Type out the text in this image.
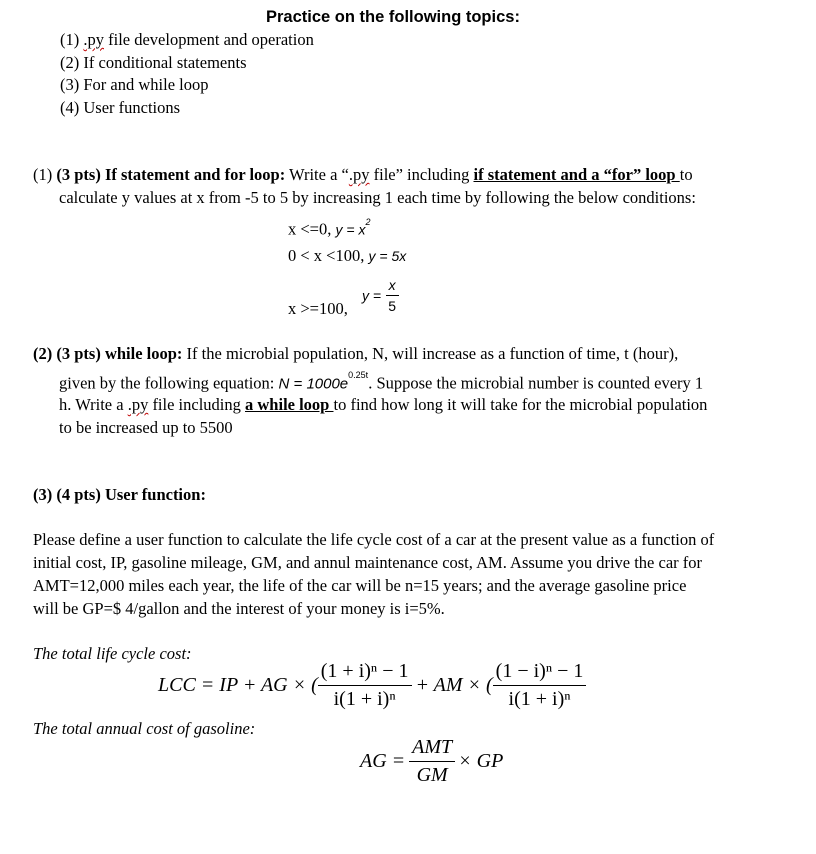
Practice on the following topics:
(1) .py file development and operation
(2) If conditional statements
(3) For and while loop
(4) User functions
(1) (3 pts) If statement and for loop: Write a “.py file” including if statement and a “for” loop to
calculate y values at x from -5 to 5 by increasing 1 each time by following the below conditions:
x <=0, $y = x^2$
0 < x <100, y = 5x
x >=100,
$y = \frac{x}{5}$
(2) (3 pts) while loop: If the microbial population, N, will increase as a function of time, t (hour),
given by the following equation: $N = 1000e^{0.25t}$. Suppose the microbial number is counted every 1
h. Write a .py file including a while loop to find how long it will take for the microbial population
to be increased up to 5500
(3) (4 pts) User function:
Please define a user function to calculate the life cycle cost of a car at the present value as a function of
initial cost, IP, gasoline mileage, GM, and annul maintenance cost, AM. Assume you drive the car for
AMT=12,000 miles each year, the life of the car will be n=15 years; and the average gasoline price
will be GP=$ 4/gallon and the interest of your money is i=5%.
The total life cycle cost:
LCC = IP + AG × ( $\frac{\text{(1 + i)ⁿ − 1}}{\text{i(1 + i)ⁿ}}$ + AM × ( $\frac{\text{(1 − i)ⁿ − 1}}{\text{i(1 + i)ⁿ}}$
The total annual cost of gasoline:
AG = $\frac{\text{AMT}}{GM}$ × GP
